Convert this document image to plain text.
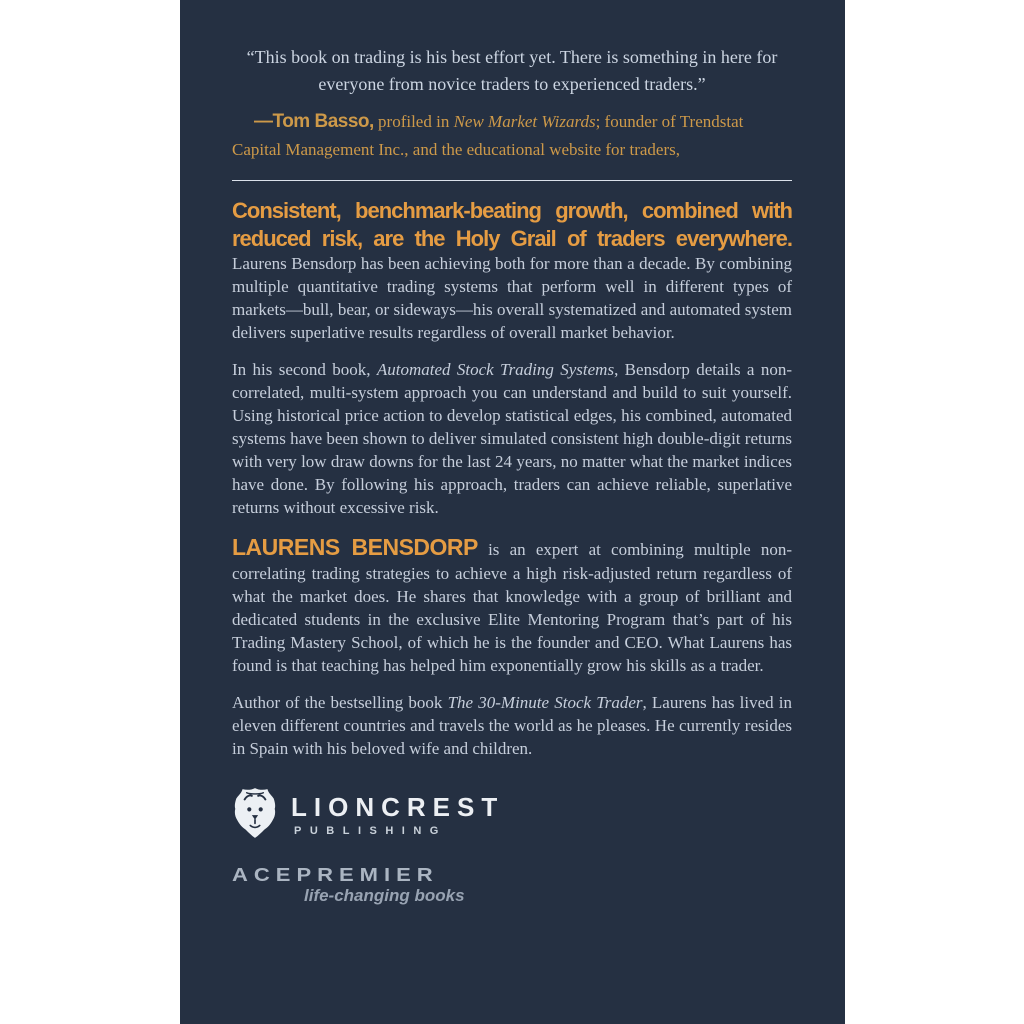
“This book on trading is his best effort yet. There is something in here for everyone from novice traders to experienced traders.”
—Tom Basso, profiled in New Market Wizards; founder of Trendstat Capital Management Inc., and the educational website for traders,

Consistent, benchmark-beating growth, combined with reduced risk, are the Holy Grail of traders everywhere. Laurens Bensdorp has been achieving both for more than a decade. By combining multiple quantitative trading systems that perform well in different types of markets—bull, bear, or sideways—his overall systematized and automated system delivers superlative results regardless of overall market behavior.

In his second book, Automated Stock Trading Systems, Bensdorp details a non-correlated, multi-system approach you can understand and build to suit yourself. Using historical price action to develop statistical edges, his combined, automated systems have been shown to deliver simulated consistent high double-digit returns with very low draw downs for the last 24 years, no matter what the market indices have done. By following his approach, traders can achieve reliable, superlative returns without excessive risk.

LAURENS BENSDORP is an expert at combining multiple non-correlating trading strategies to achieve a high risk-adjusted return regardless of what the market does. He shares that knowledge with a group of brilliant and dedicated students in the exclusive Elite Mentoring Program that’s part of his Trading Mastery School, of which he is the founder and CEO. What Laurens has found is that teaching has helped him exponentially grow his skills as a trader.

Author of the bestselling book The 30-Minute Stock Trader, Laurens has lived in eleven different countries and travels the world as he pleases. He currently resides in Spain with his beloved wife and children.

LIONCREST
PUBLISHING
ACEPREMIER
life-changing books
